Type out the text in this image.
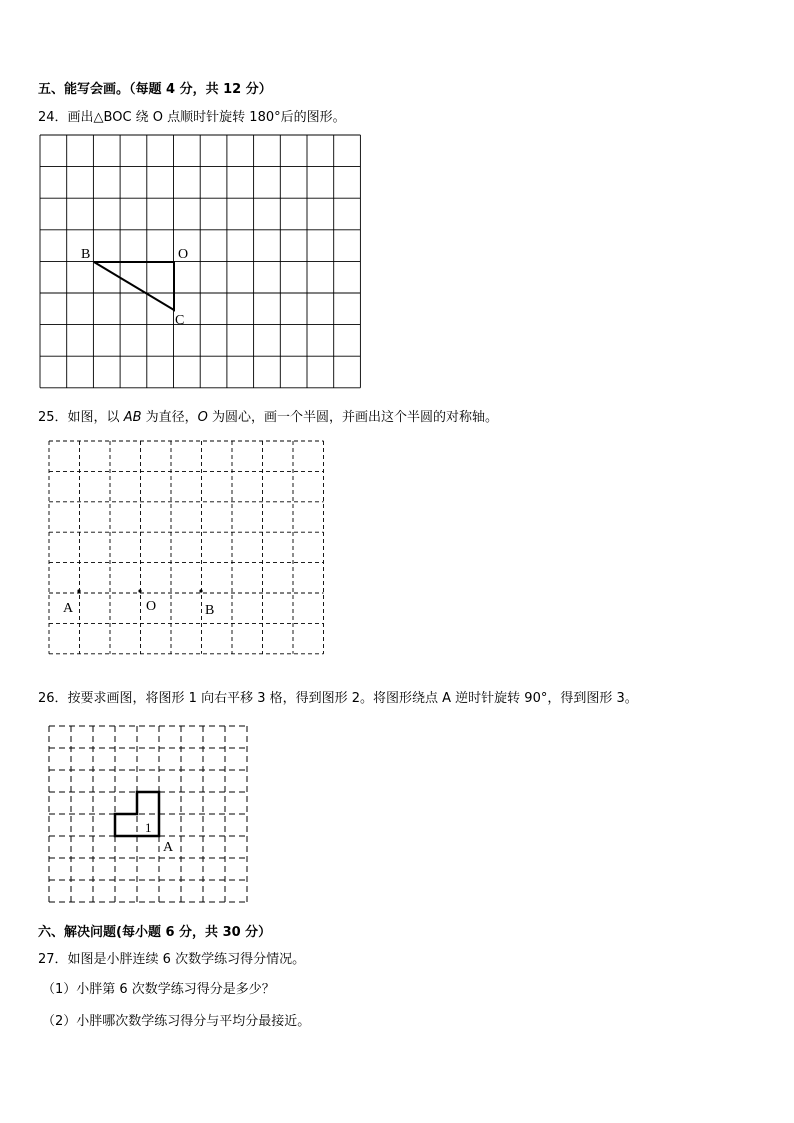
五、能写会画。（每题 4 分，共 12 分）
24．画出△BOC 绕 O 点顺时针旋转 180°后的图形。
B	O
C
25．如图，以 AB 为直径，O 为圆心，画一个半圆，并画出这个半圆的对称轴。
A	O	B
26．按要求画图，将图形 1 向右平移 3 格，得到图形 2。将图形绕点 A 逆时针旋转 90°，得到图形 3。
1
A
六、解决问题(每小题 6 分，共 30 分）
27．如图是小胖连续 6 次数学练习得分情况。
（1）小胖第 6 次数学练习得分是多少？
（2）小胖哪次数学练习得分与平均分最接近。
